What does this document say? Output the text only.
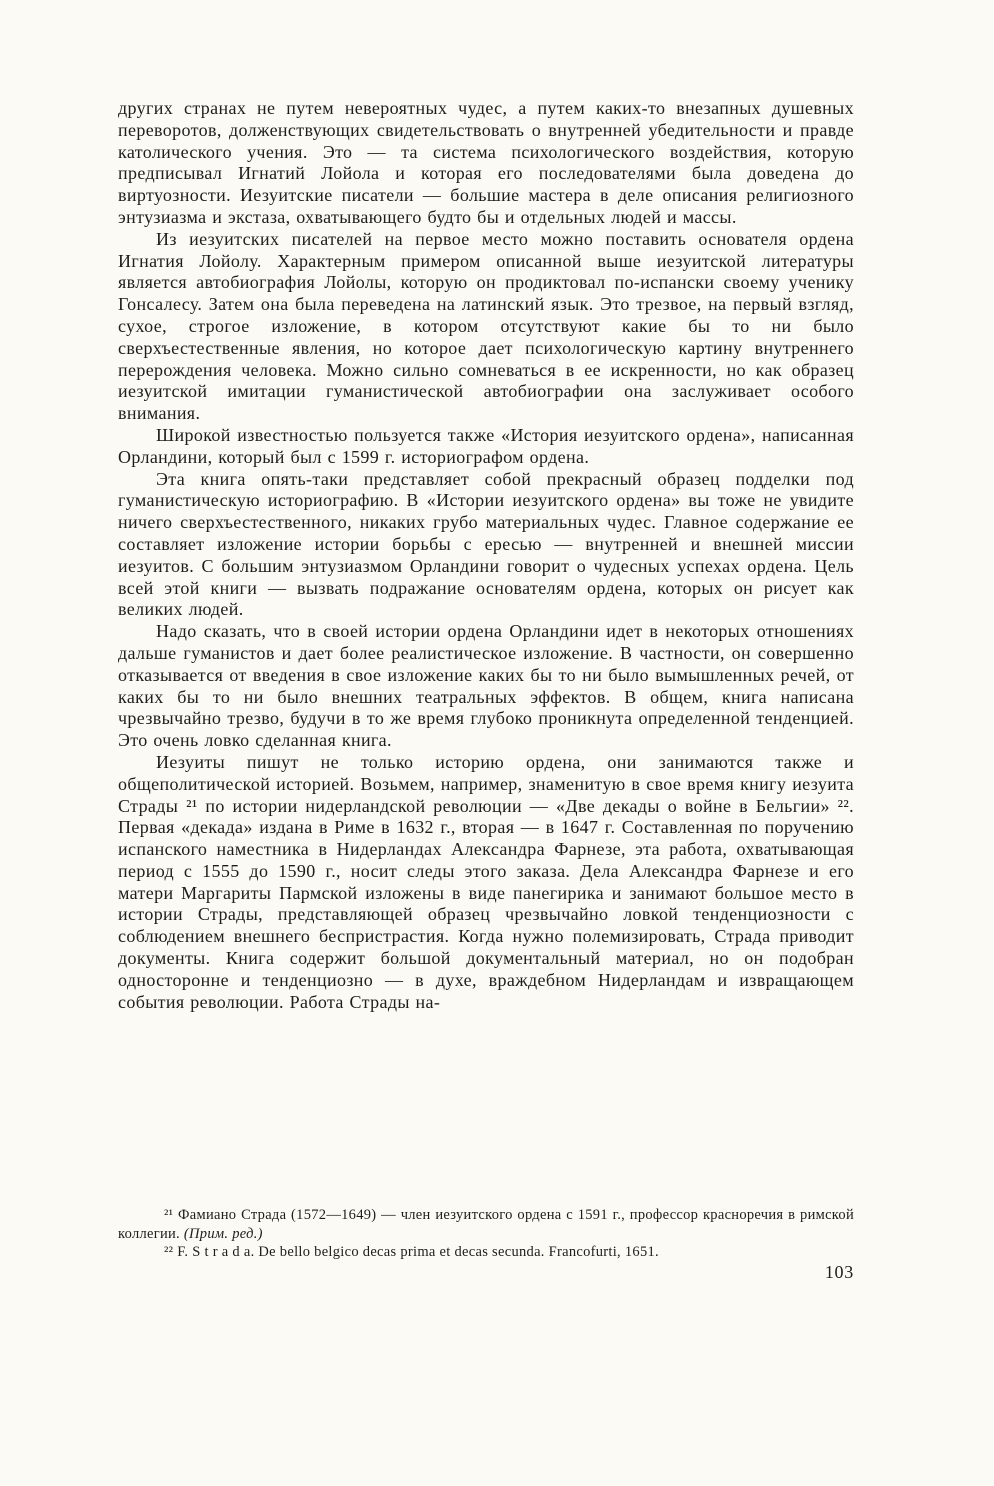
других странах не путем невероятных чудес, а путем каких-то внезапных душевных переворотов, долженствующих свидетельствовать о внутренней убедительности и правде католического учения. Это — та система психологического воздействия, которую предписывал Игнатий Лойола и которая его последователями была доведена до виртуозности. Иезуитские писатели — большие мастера в деле описания религиозного энтузиазма и экстаза, охватывающего будто бы и отдельных людей и массы.

Из иезуитских писателей на первое место можно поставить основателя ордена Игнатия Лойолу. Характерным примером описанной выше иезуитской литературы является автобиография Лойолы, которую он продиктовал по-испански своему ученику Гонсалесу. Затем она была переведена на латинский язык. Это трезвое, на первый взгляд, сухое, строгое изложение, в котором отсутствуют какие бы то ни было сверхъестественные явления, но которое дает психологическую картину внутреннего перерождения человека. Можно сильно сомневаться в ее искренности, но как образец иезуитской имитации гуманистической автобиографии она заслуживает особого внимания.

Широкой известностью пользуется также «История иезуитского ордена», написанная Орландини, который был с 1599 г. историографом ордена.

Эта книга опять-таки представляет собой прекрасный образец подделки под гуманистическую историографию. В «Истории иезуитского ордена» вы тоже не увидите ничего сверхъестественного, никаких грубо материальных чудес. Главное содержание ее составляет изложение истории борьбы с ересью — внутренней и внешней миссии иезуитов. С большим энтузиазмом Орландини говорит о чудесных успехах ордена. Цель всей этой книги — вызвать подражание основателям ордена, которых он рисует как великих людей.

Надо сказать, что в своей истории ордена Орландини идет в некоторых отношениях дальше гуманистов и дает более реалистическое изложение. В частности, он совершенно отказывается от введения в свое изложение каких бы то ни было вымышленных речей, от каких бы то ни было внешних театральных эффектов. В общем, книга написана чрезвычайно трезво, будучи в то же время глубоко проникнута определенной тенденцией. Это очень ловко сделанная книга.

Иезуиты пишут не только историю ордена, они занимаются также и общеполитической историей. Возьмем, например, знаменитую в свое время книгу иезуита Страды ²¹ по истории нидерландской революции — «Две декады о войне в Бельгии» ²². Первая «декада» издана в Риме в 1632 г., вторая — в 1647 г. Составленная по поручению испанского наместника в Нидерландах Александра Фарнезе, эта работа, охватывающая период с 1555 до 1590 г., носит следы этого заказа. Дела Александра Фарнезе и его матери Маргариты Пармской изложены в виде панегирика и занимают большое место в истории Страды, представляющей образец чрезвычайно ловкой тенденциозности с соблюдением внешнего беспристрастия. Когда нужно полемизировать, Страда приводит документы. Книга содержит большой документальный материал, но он подобран односторонне и тенденциозно — в духе, враждебном Нидерландам и извращающем события революции. Работа Страды на-

²¹ Фамиано Страда (1572—1649) — член иезуитского ордена с 1591 г., профессор красноречия в римской коллегии. (Прим. ред.)

²² F. S t r a d a. De bello belgico decas prima et decas secunda. Francofurti, 1651.

103
